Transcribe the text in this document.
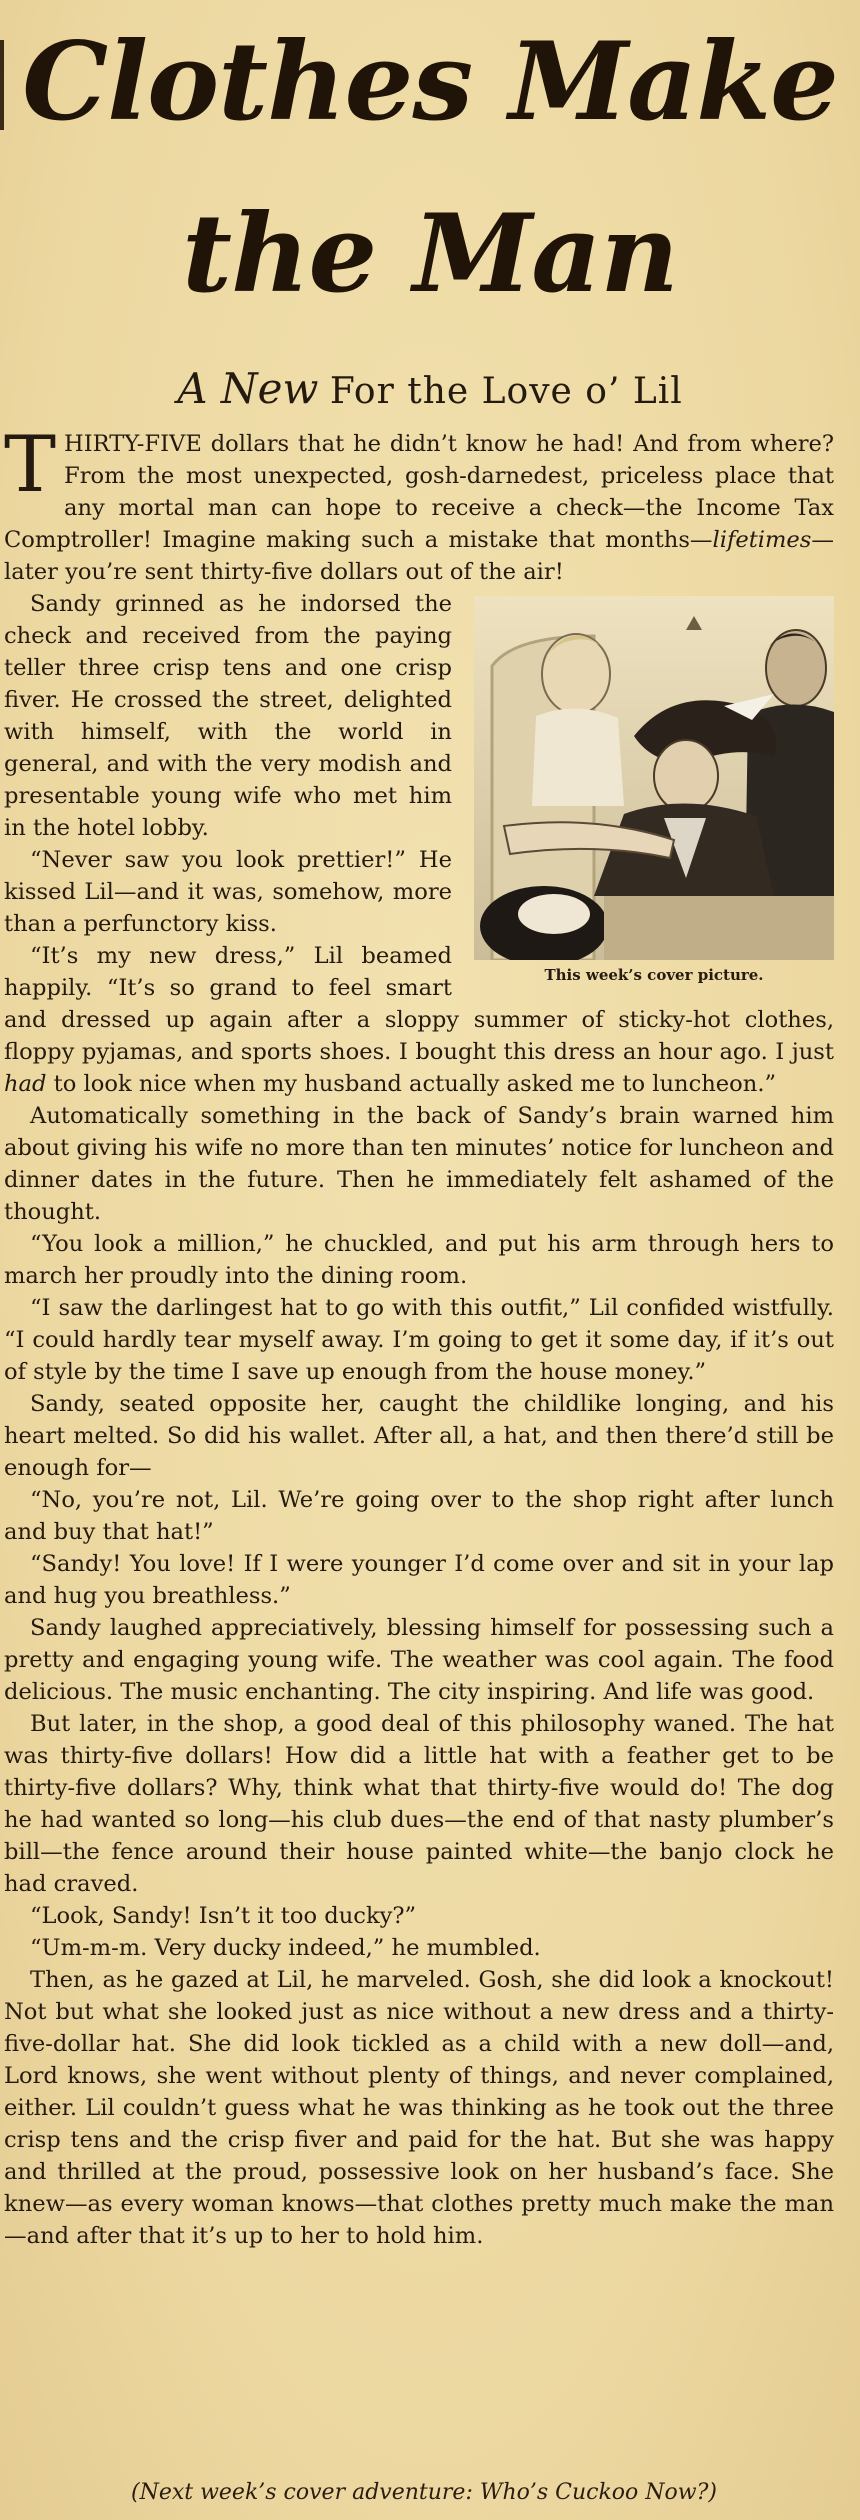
Clothes Make
the Man
A New For the Love o’ Lil

THIRTY-FIVE dollars that he didn’t know he had! And from where? From the most unexpected, gosh-darnedest, priceless place that any mortal man can hope to receive a check—the Income Tax Comptroller! Imagine making such a mistake that months—lifetimes—later you’re sent thirty-five dollars out of the air!

This week’s cover picture.

Sandy grinned as he indorsed the check and received from the paying teller three crisp tens and one crisp fiver. He crossed the street, delighted with himself, with the world in general, and with the very modish and presentable young wife who met him in the hotel lobby.

“Never saw you look prettier!” He kissed Lil—and it was, somehow, more than a perfunctory kiss.

“It’s my new dress,” Lil beamed happily. “It’s so grand to feel smart and dressed up again after a sloppy summer of sticky-hot clothes, floppy pyjamas, and sports shoes. I bought this dress an hour ago. I just had to look nice when my husband actually asked me to luncheon.”

Automatically something in the back of Sandy’s brain warned him about giving his wife no more than ten minutes’ notice for luncheon and dinner dates in the future. Then he immediately felt ashamed of the thought.

“You look a million,” he chuckled, and put his arm through hers to march her proudly into the dining room.

“I saw the darlingest hat to go with this outfit,” Lil confided wistfully. “I could hardly tear myself away. I’m going to get it some day, if it’s out of style by the time I save up enough from the house money.”

Sandy, seated opposite her, caught the childlike longing, and his heart melted. So did his wallet. After all, a hat, and then there’d still be enough for—

“No, you’re not, Lil. We’re going over to the shop right after lunch and buy that hat!”

“Sandy! You love! If I were younger I’d come over and sit in your lap and hug you breathless.”

Sandy laughed appreciatively, blessing himself for possessing such a pretty and engaging young wife. The weather was cool again. The food delicious. The music enchanting. The city inspiring. And life was good.

But later, in the shop, a good deal of this philosophy waned. The hat was thirty-five dollars! How did a little hat with a feather get to be thirty-five dollars? Why, think what that thirty-five would do! The dog he had wanted so long—his club dues—the end of that nasty plumber’s bill—the fence around their house painted white—the banjo clock he had craved.

“Look, Sandy! Isn’t it too ducky?”

“Um-m-m. Very ducky indeed,” he mumbled.

Then, as he gazed at Lil, he marveled. Gosh, she did look a knockout! Not but what she looked just as nice without a new dress and a thirty-five-dollar hat. She did look tickled as a child with a new doll—and, Lord knows, she went without plenty of things, and never complained, either. Lil couldn’t guess what he was thinking as he took out the three crisp tens and the crisp fiver and paid for the hat. But she was happy and thrilled at the proud, possessive look on her husband’s face. She knew—as every woman knows—that clothes pretty much make the man—and after that it’s up to her to hold him.

(Next week’s cover adventure: Who’s Cuckoo Now?)
